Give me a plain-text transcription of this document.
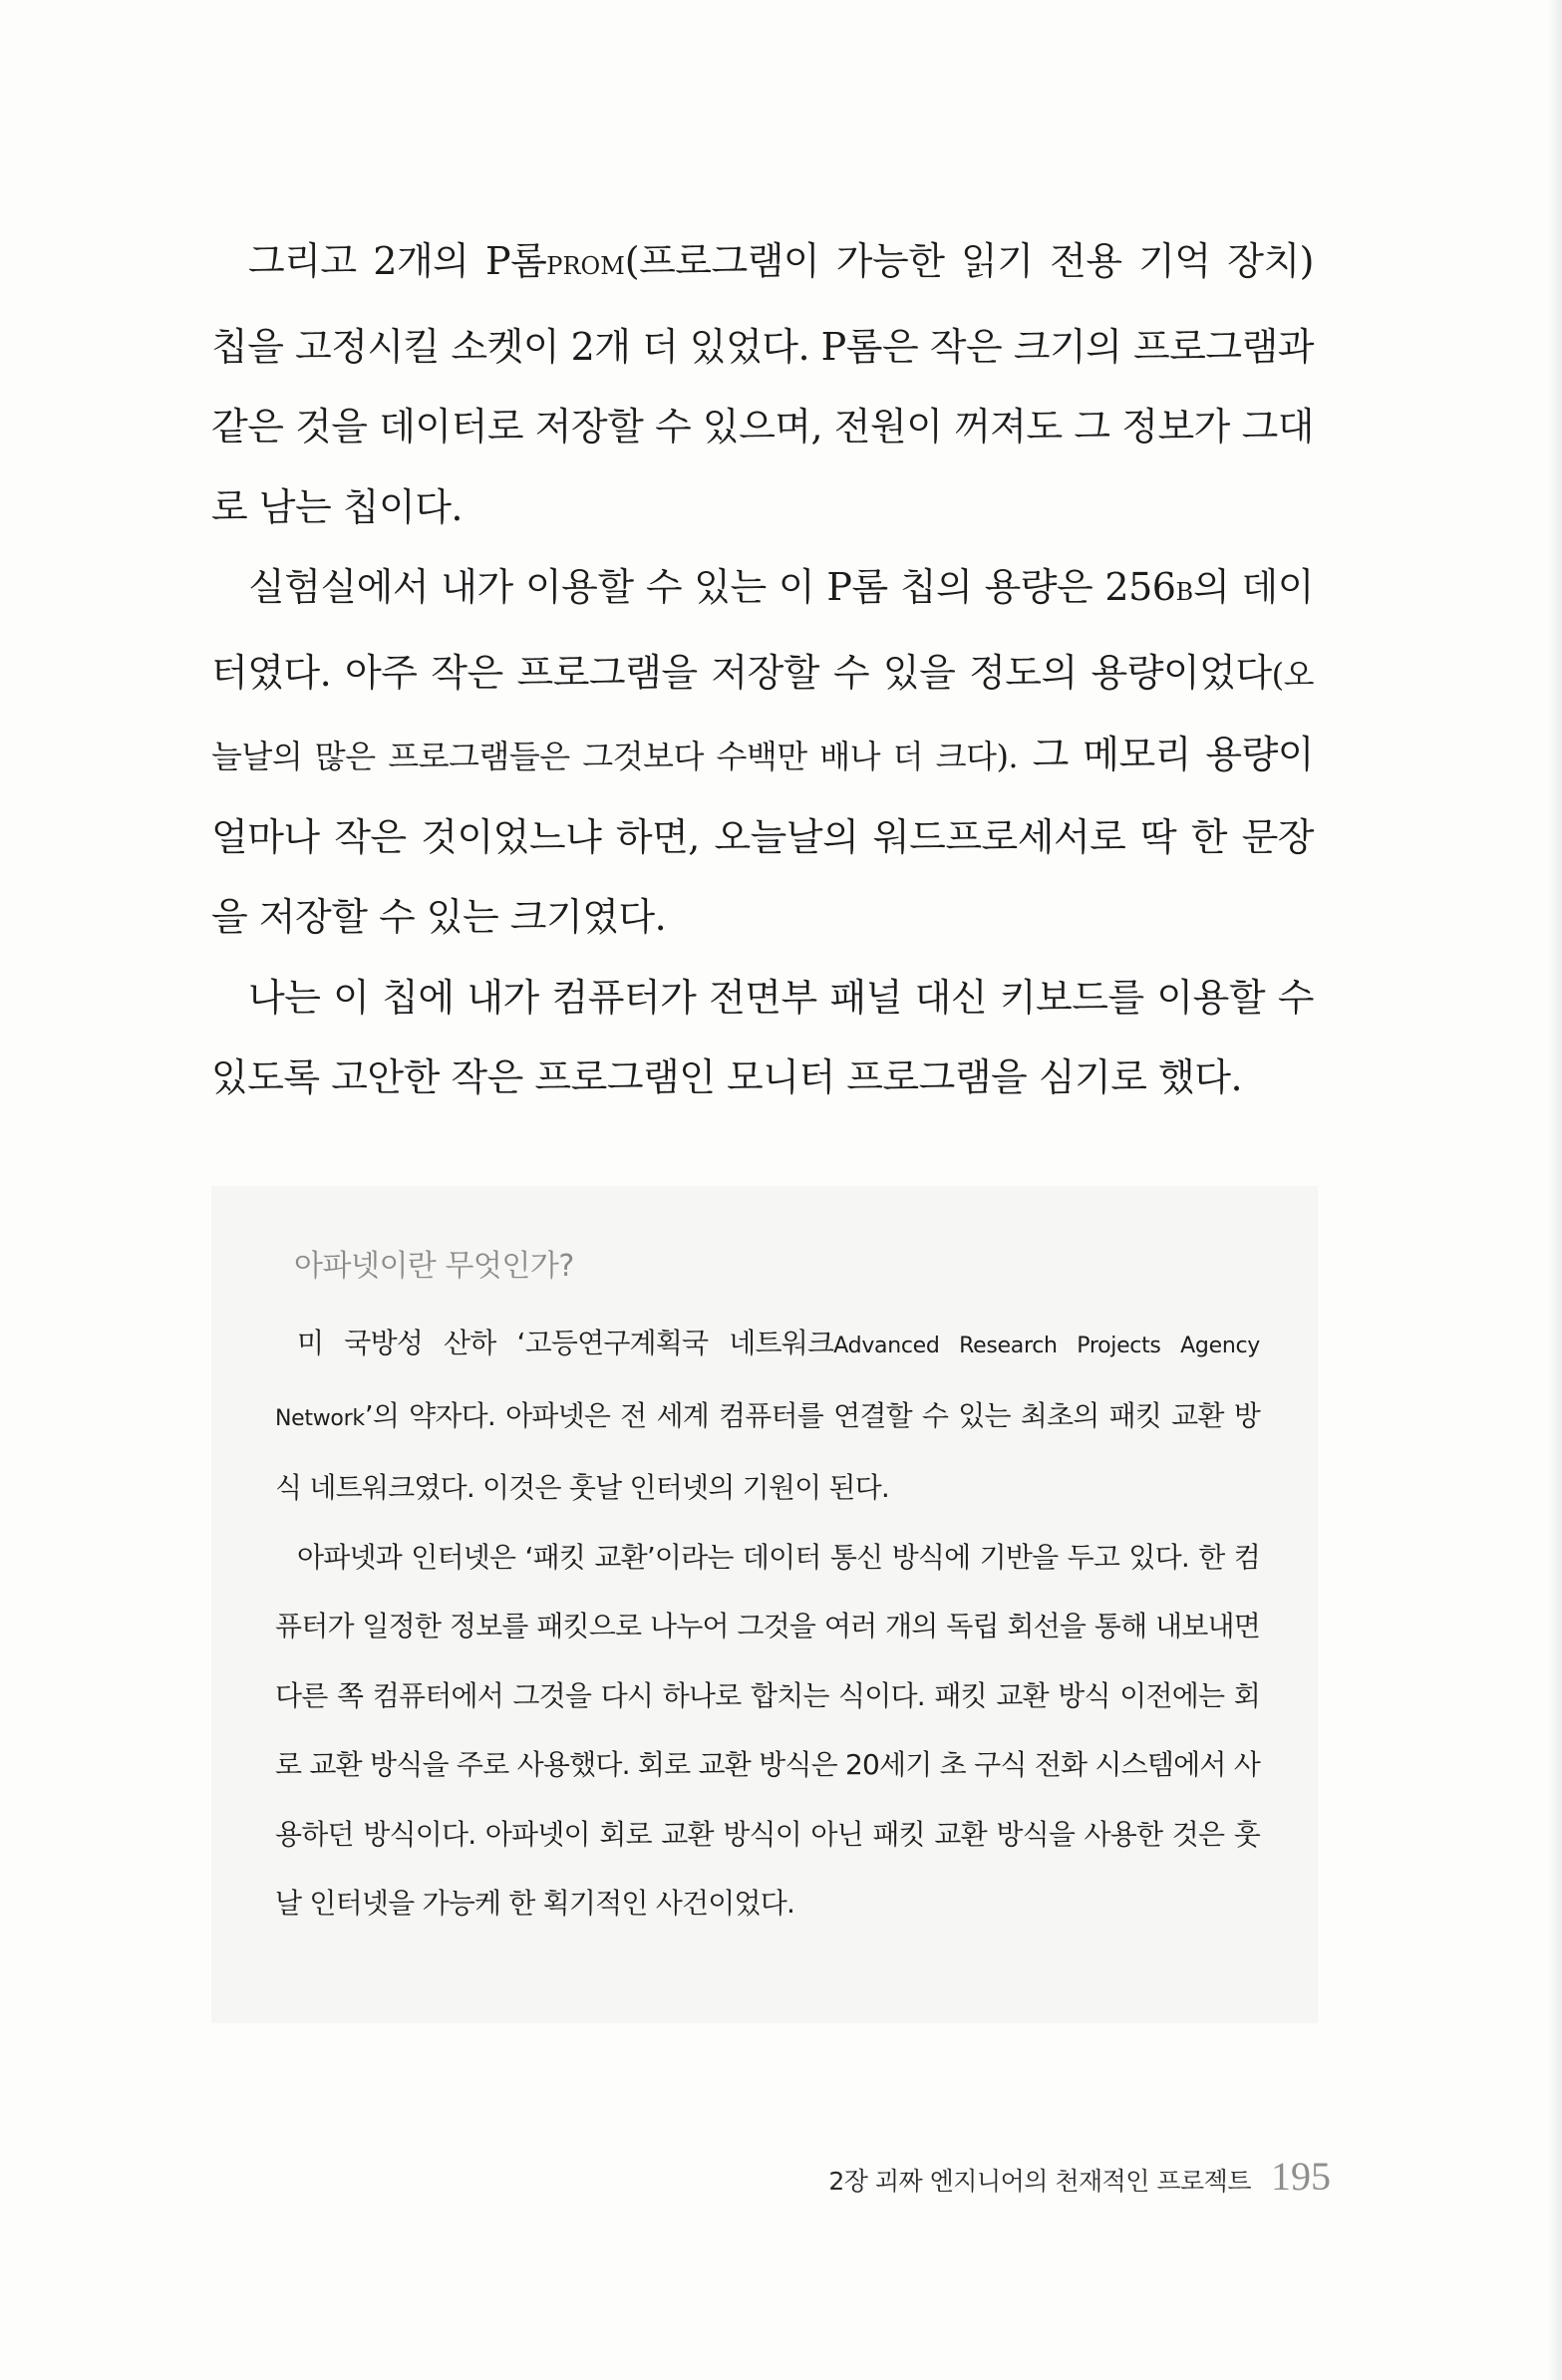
그리고 2개의 P롬PROM(프로그램이 가능한 읽기 전용 기억 장치) 칩을 고정시킬 소켓이 2개 더 있었다. P롬은 작은 크기의 프로그램과 같은 것을 데이터로 저장할 수 있으며, 전원이 꺼져도 그 정보가 그대로 남는 칩이다.

실험실에서 내가 이용할 수 있는 이 P롬 칩의 용량은 256B의 데이터였다. 아주 작은 프로그램을 저장할 수 있을 정도의 용량이었다(오늘날의 많은 프로그램들은 그것보다 수백만 배나 더 크다). 그 메모리 용량이 얼마나 작은 것이었느냐 하면, 오늘날의 워드프로세서로 딱 한 문장을 저장할 수 있는 크기였다.

나는 이 칩에 내가 컴퓨터가 전면부 패널 대신 키보드를 이용할 수 있도록 고안한 작은 프로그램인 모니터 프로그램을 심기로 했다.

아파넷이란 무엇인가?

미 국방성 산하 ‘고등연구계획국 네트워크Advanced Research Projects Agency Network’의 약자다. 아파넷은 전 세계 컴퓨터를 연결할 수 있는 최초의 패킷 교환 방식 네트워크였다. 이것은 훗날 인터넷의 기원이 된다.

아파넷과 인터넷은 ‘패킷 교환’이라는 데이터 통신 방식에 기반을 두고 있다. 한 컴퓨터가 일정한 정보를 패킷으로 나누어 그것을 여러 개의 독립 회선을 통해 내보내면 다른 쪽 컴퓨터에서 그것을 다시 하나로 합치는 식이다. 패킷 교환 방식 이전에는 회로 교환 방식을 주로 사용했다. 회로 교환 방식은 20세기 초 구식 전화 시스템에서 사용하던 방식이다. 아파넷이 회로 교환 방식이 아닌 패킷 교환 방식을 사용한 것은 훗날 인터넷을 가능케 한 획기적인 사건이었다.

2장 괴짜 엔지니어의 천재적인 프로젝트 195
